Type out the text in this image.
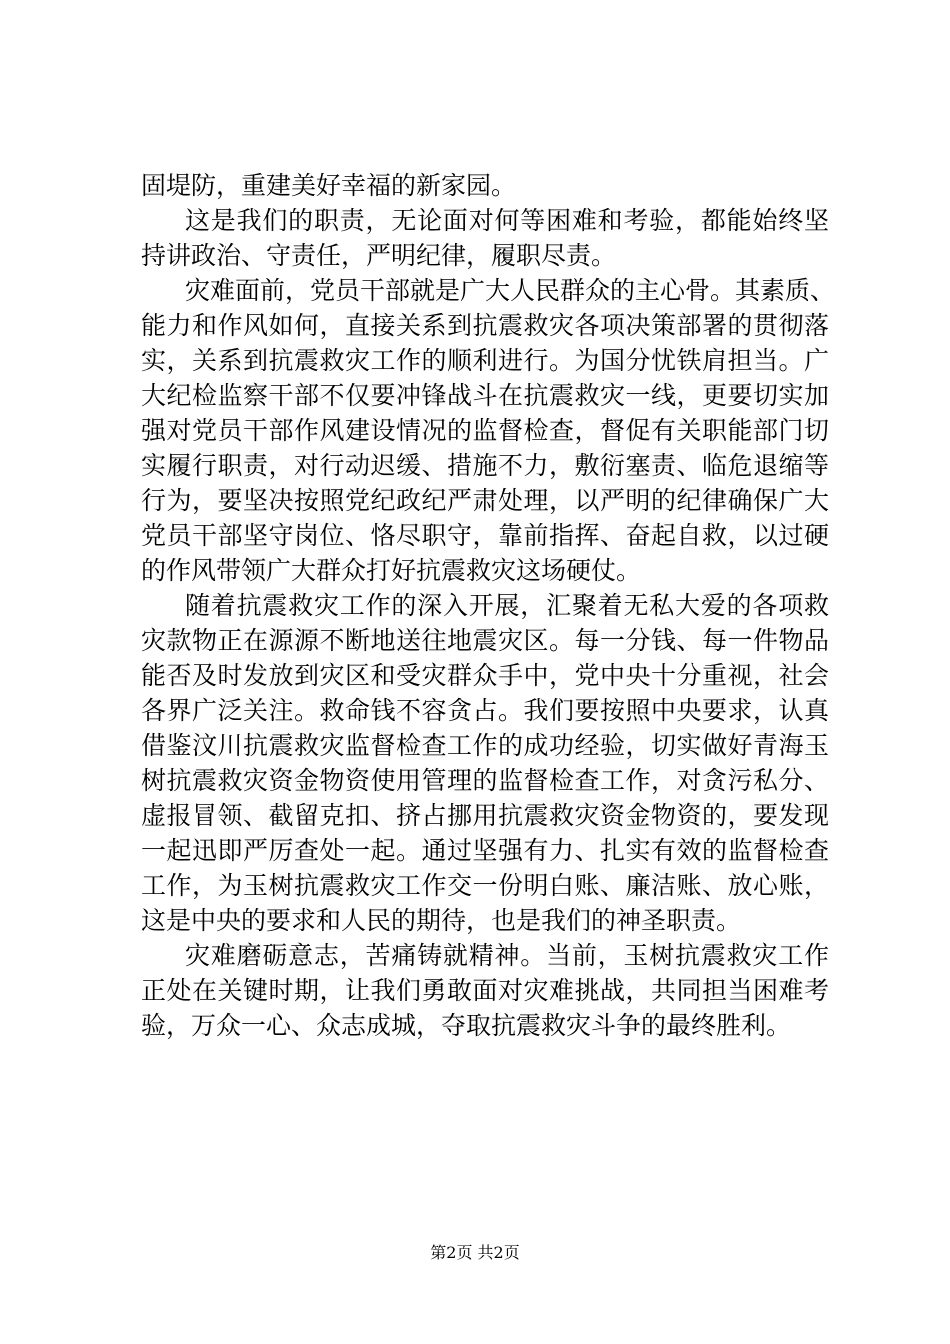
固堤防，重建美好幸福的新家园。
这是我们的职责，无论面对何等困难和考验，都能始终坚
持讲政治、守责任，严明纪律，履职尽责。
灾难面前，党员干部就是广大人民群众的主心骨。其素质、
能力和作风如何，直接关系到抗震救灾各项决策部署的贯彻落
实，关系到抗震救灾工作的顺利进行。为国分忧铁肩担当。广
大纪检监察干部不仅要冲锋战斗在抗震救灾一线，更要切实加
强对党员干部作风建设情况的监督检查，督促有关职能部门切
实履行职责，对行动迟缓、措施不力，敷衍塞责、临危退缩等
行为，要坚决按照党纪政纪严肃处理，以严明的纪律确保广大
党员干部坚守岗位、恪尽职守，靠前指挥、奋起自救，以过硬
的作风带领广大群众打好抗震救灾这场硬仗。
随着抗震救灾工作的深入开展，汇聚着无私大爱的各项救
灾款物正在源源不断地送往地震灾区。每一分钱、每一件物品
能否及时发放到灾区和受灾群众手中，党中央十分重视，社会
各界广泛关注。救命钱不容贪占。我们要按照中央要求，认真
借鉴汶川抗震救灾监督检查工作的成功经验，切实做好青海玉
树抗震救灾资金物资使用管理的监督检查工作，对贪污私分、
虚报冒领、截留克扣、挤占挪用抗震救灾资金物资的，要发现
一起迅即严厉查处一起。通过坚强有力、扎实有效的监督检查
工作，为玉树抗震救灾工作交一份明白账、廉洁账、放心账，
这是中央的要求和人民的期待，也是我们的神圣职责。
灾难磨砺意志，苦痛铸就精神。当前，玉树抗震救灾工作
正处在关键时期，让我们勇敢面对灾难挑战，共同担当困难考
验，万众一心、众志成城，夺取抗震救灾斗争的最终胜利。
第2页 共2页
